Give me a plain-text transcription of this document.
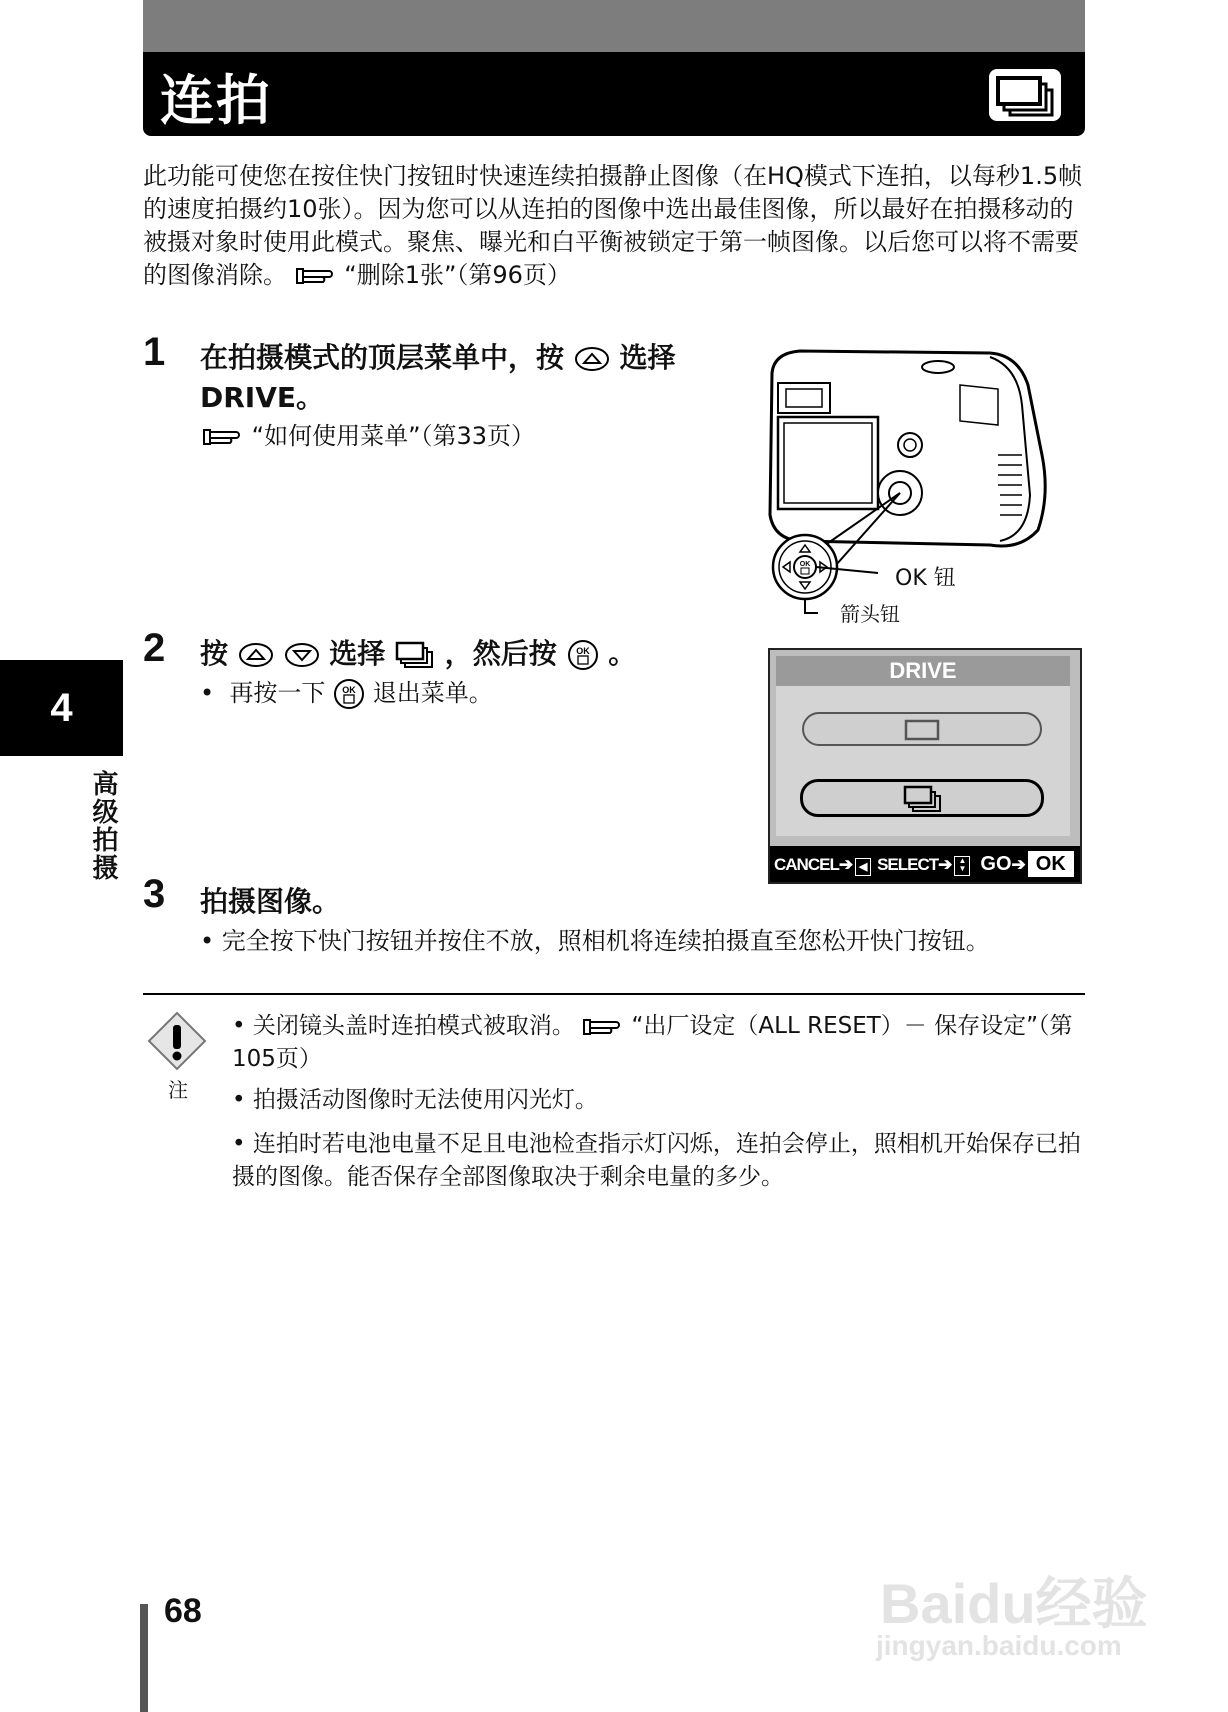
连拍
此功能可使您在按住快门按钮时快速连续拍摄静止图像（在HQ模式下连拍，以每秒1.5帧的速度拍摄约10张）。因为您可以从连拍的图像中选出最佳图像，所以最好在拍摄移动的被摄对象时使用此模式。聚焦、曝光和白平衡被锁定于第一帧图像。以后您可以将不需要的图像消除。 “删除1张”（第96页）
1 在拍摄模式的顶层菜单中，按 选择
DRIVE。
“如何使用菜单”（第33页）
OK
OK 钮
箭头钮
2 按	选择 ，然后按 OK 。
•  再按一下 OK 退出菜单。
DRIVE
CANCEL➔ ◀ SELECT➔ ▲
▼ GO➔ OK
4
高级拍摄
3 拍摄图像。
• 完全按下快门按钮并按住不放，照相机将连续拍摄直至您松开快门按钮。
注
• 关闭镜头盖时连拍模式被取消。 “出厂设定（ALL RESET）－ 保存设定”（第105页）
• 拍摄活动图像时无法使用闪光灯。
• 连拍时若电池电量不足且电池检查指示灯闪烁，连拍会停止，照相机开始保存已拍摄的图像。能否保存全部图像取决于剩余电量的多少。
Baidu经验
jingyan.baidu.com
68
